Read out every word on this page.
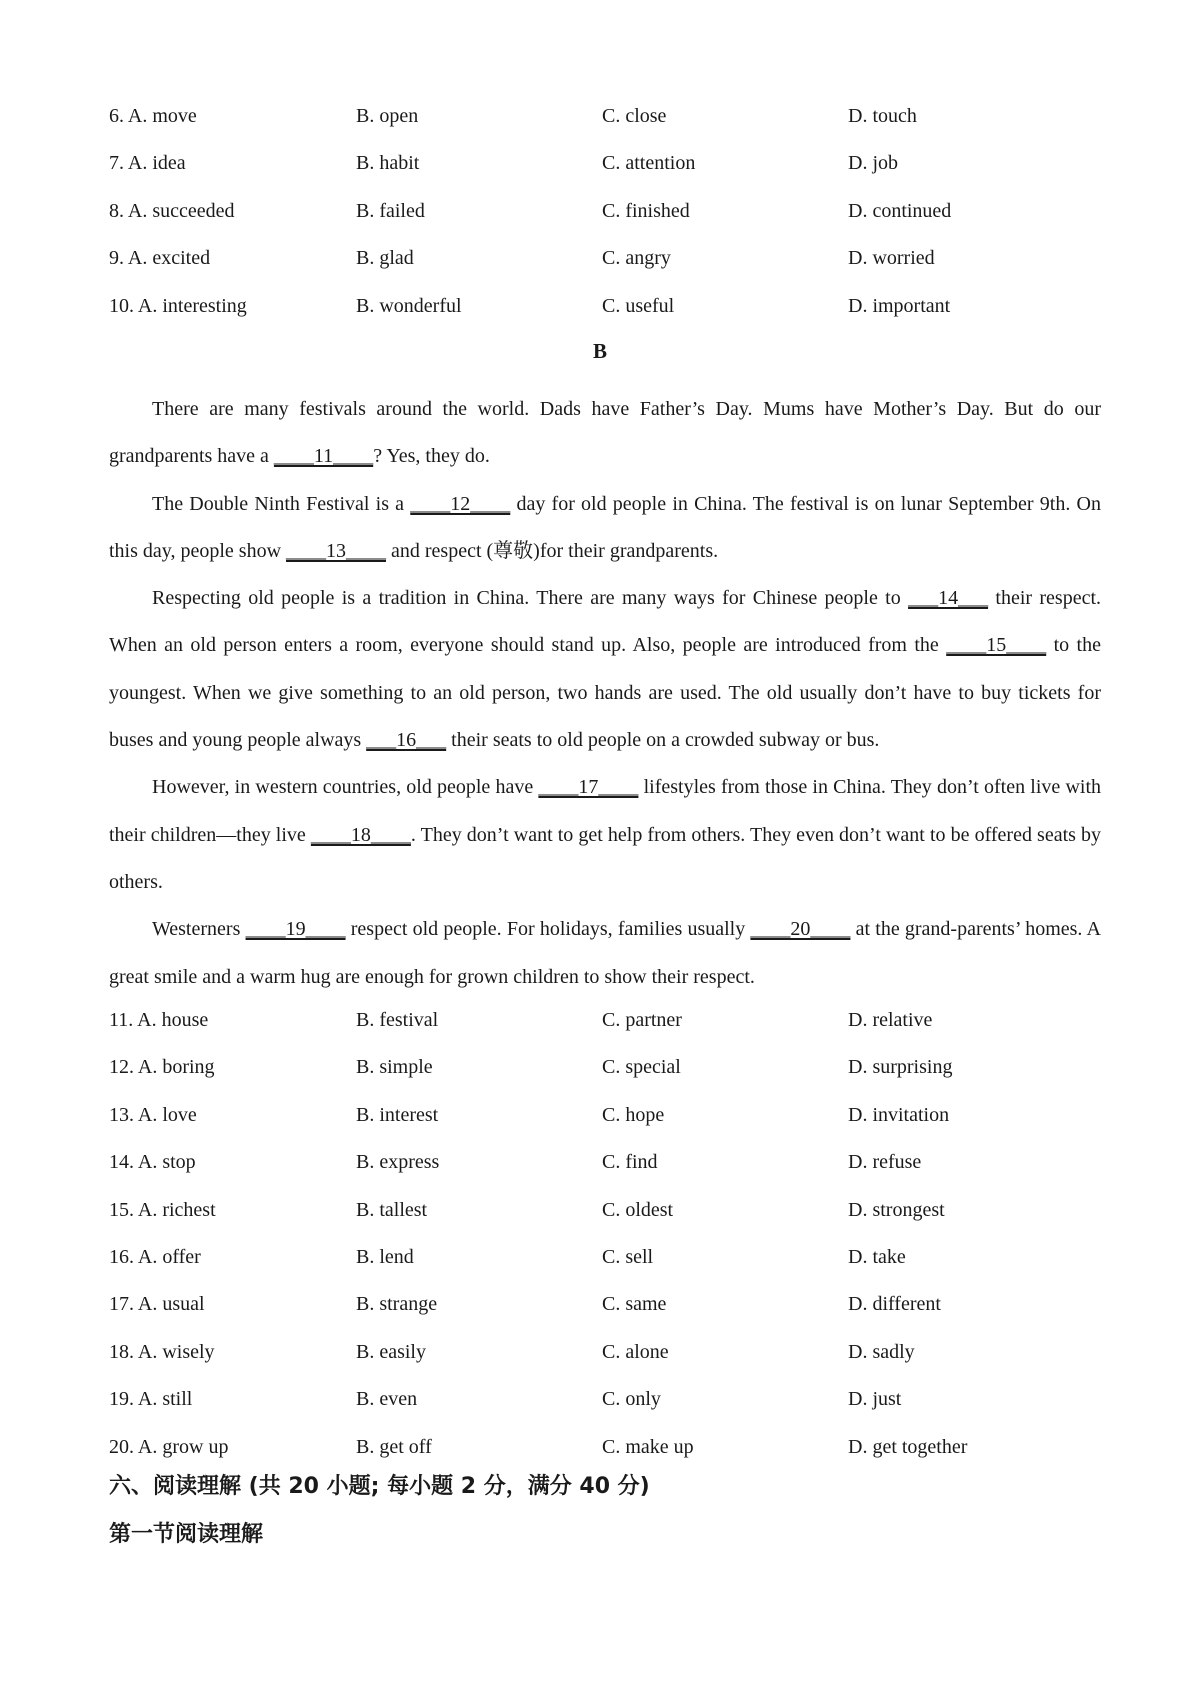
6. A. move	B. open	C. close	D. touch
7. A. idea	B. habit	C. attention	D. job
8. A. succeeded	B. failed	C. finished	D. continued
9. A. excited	B. glad	C. angry	D. worried
10. A. interesting	B. wonderful	C. useful	D. important
B

There are many festivals around the world. Dads have Father’s Day. Mums have Mother’s Day. But do our grandparents have a ____11____? Yes, they do.

The Double Ninth Festival is a ____12____ day for old people in China. The festival is on lunar September 9th. On this day, people show ____13____ and respect (尊敬)for their grandparents.

Respecting old people is a tradition in China. There are many ways for Chinese people to ___14___ their respect. When an old person enters a room, everyone should stand up. Also, people are introduced from the ____15____ to the youngest. When we give something to an old person, two hands are used. The old usually don’t have to buy tickets for buses and young people always ___16___ their seats to old people on a crowded subway or bus.

However, in western countries, old people have ____17____ lifestyles from those in China. They don’t often live with their children—they live ____18____. They don’t want to get help from others. They even don’t want to be offered seats by others.

Westerners ____19____ respect old people. For holidays, families usually ____20____ at the grand-parents’ homes. A great smile and a warm hug are enough for grown children to show their respect.

11. A. house	B. festival	C. partner	D. relative
12. A. boring	B. simple	C. special	D. surprising
13. A. love	B. interest	C. hope	D. invitation
14. A. stop	B. express	C. find	D. refuse
15. A. richest	B. tallest	C. oldest	D. strongest
16. A. offer	B. lend	C. sell	D. take
17. A. usual	B. strange	C. same	D. different
18. A. wisely	B. easily	C. alone	D. sadly
19. A. still	B. even	C. only	D. just
20. A. grow up	B. get off	C. make up	D. get together
六、阅读理解 (共 20 小题; 每小题 2 分，满分 40 分)
第一节阅读理解
